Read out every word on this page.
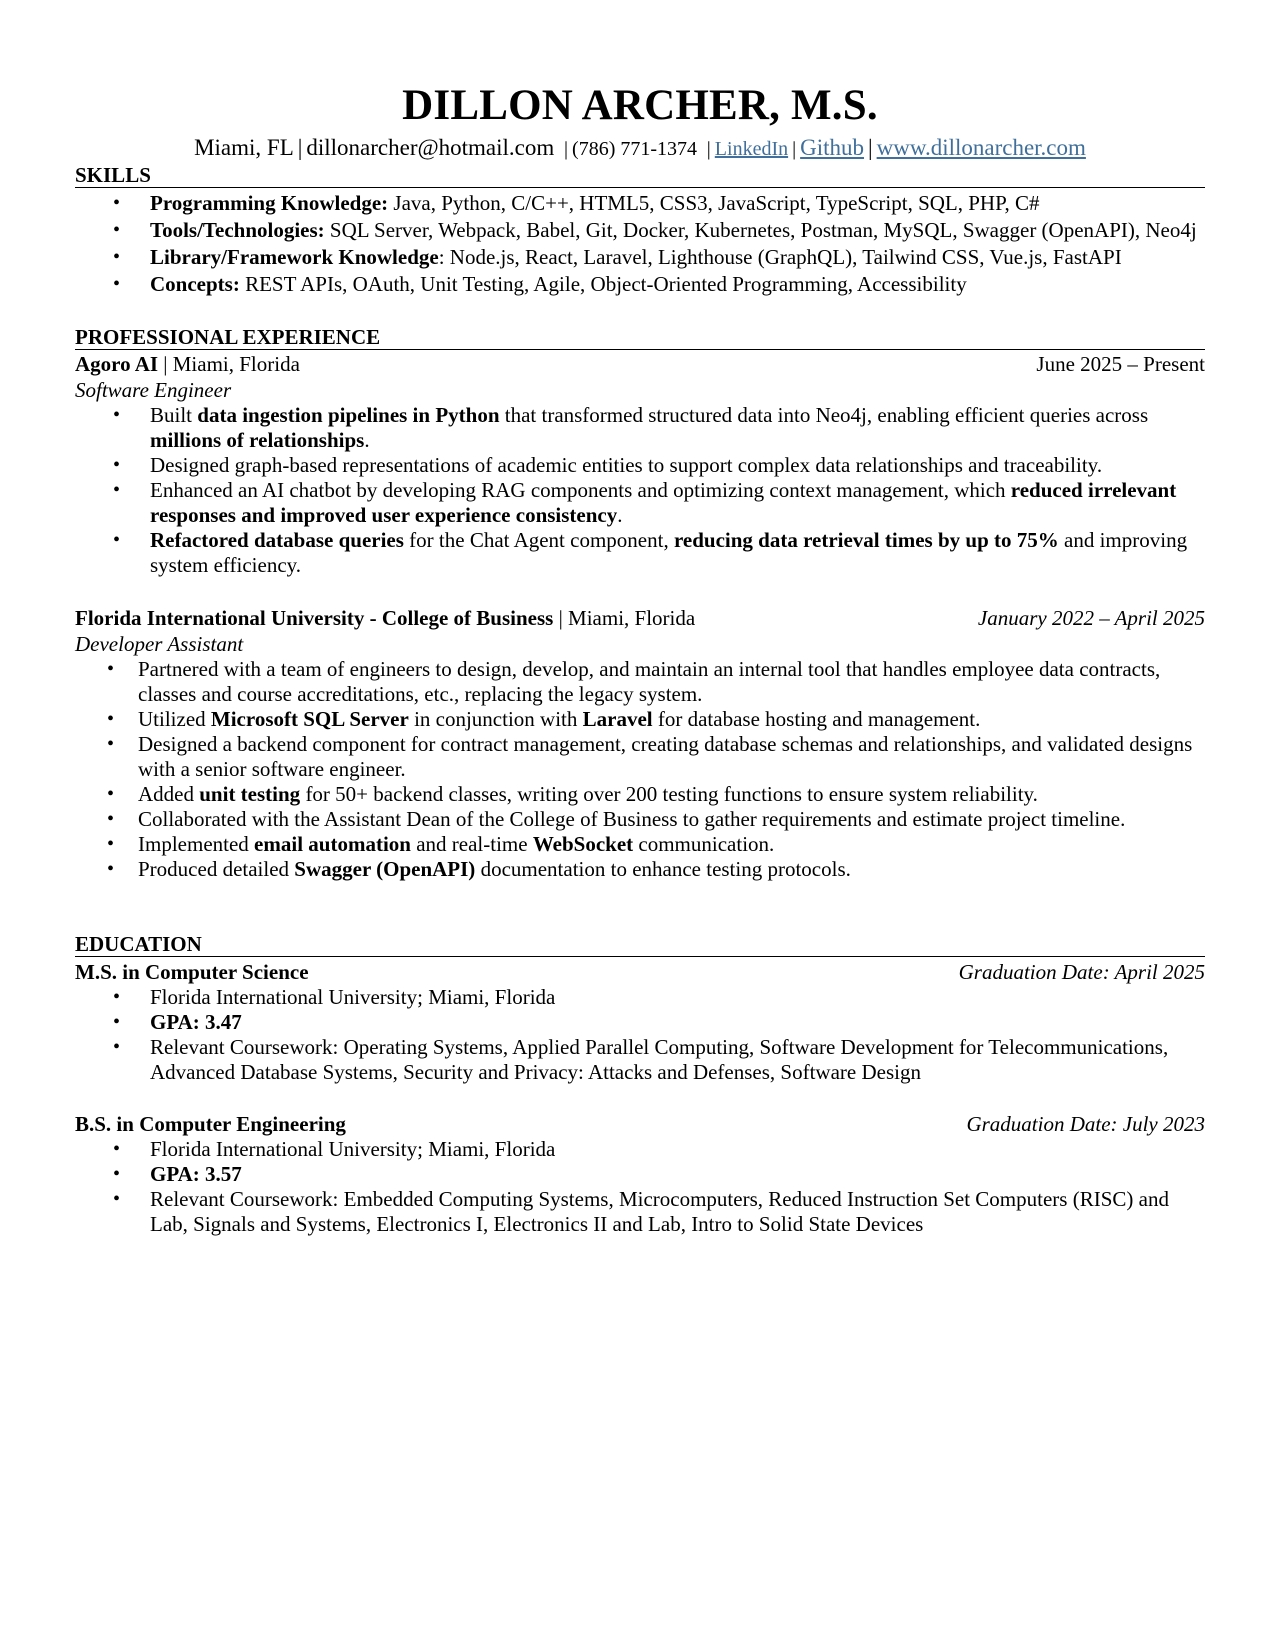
DILLON ARCHER, M.S.
Miami, FL | dillonarcher@hotmail.com | (786) 771-1374 | LinkedIn | Github | www.dillonarcher.com
SKILLS
• Programming Knowledge: Java, Python, C/C++, HTML5, CSS3, JavaScript, TypeScript, SQL, PHP, C#
• Tools/Technologies: SQL Server, Webpack, Babel, Git, Docker, Kubernetes, Postman, MySQL, Swagger (OpenAPI), Neo4j
• Library/Framework Knowledge: Node.js, React, Laravel, Lighthouse (GraphQL), Tailwind CSS, Vue.js, FastAPI
• Concepts: REST APIs, OAuth, Unit Testing, Agile, Object-Oriented Programming, Accessibility
PROFESSIONAL EXPERIENCE
Agoro AI | Miami, Florida	June 2025 – Present
Software Engineer
• Built data ingestion pipelines in Python that transformed structured data into Neo4j, enabling efficient queries across millions of relationships.
• Designed graph-based representations of academic entities to support complex data relationships and traceability.
• Enhanced an AI chatbot by developing RAG components and optimizing context management, which reduced irrelevant responses and improved user experience consistency.
• Refactored database queries for the Chat Agent component, reducing data retrieval times by up to 75% and improving system efficiency.
Florida International University - College of Business | Miami, Florida	January 2022 – April 2025
Developer Assistant
• Partnered with a team of engineers to design, develop, and maintain an internal tool that handles employee data contracts, classes and course accreditations, etc., replacing the legacy system.
• Utilized Microsoft SQL Server in conjunction with Laravel for database hosting and management.
• Designed a backend component for contract management, creating database schemas and relationships, and validated designs with a senior software engineer.
• Added unit testing for 50+ backend classes, writing over 200 testing functions to ensure system reliability.
• Collaborated with the Assistant Dean of the College of Business to gather requirements and estimate project timeline.
• Implemented email automation and real-time WebSocket communication.
• Produced detailed Swagger (OpenAPI) documentation to enhance testing protocols.
EDUCATION
M.S. in Computer Science	Graduation Date: April 2025
• Florida International University; Miami, Florida
• GPA: 3.47
• Relevant Coursework: Operating Systems, Applied Parallel Computing, Software Development for Telecommunications, Advanced Database Systems, Security and Privacy: Attacks and Defenses, Software Design
B.S. in Computer Engineering	Graduation Date: July 2023
• Florida International University; Miami, Florida
• GPA: 3.57
• Relevant Coursework: Embedded Computing Systems, Microcomputers, Reduced Instruction Set Computers (RISC) and Lab, Signals and Systems, Electronics I, Electronics II and Lab, Intro to Solid State Devices
